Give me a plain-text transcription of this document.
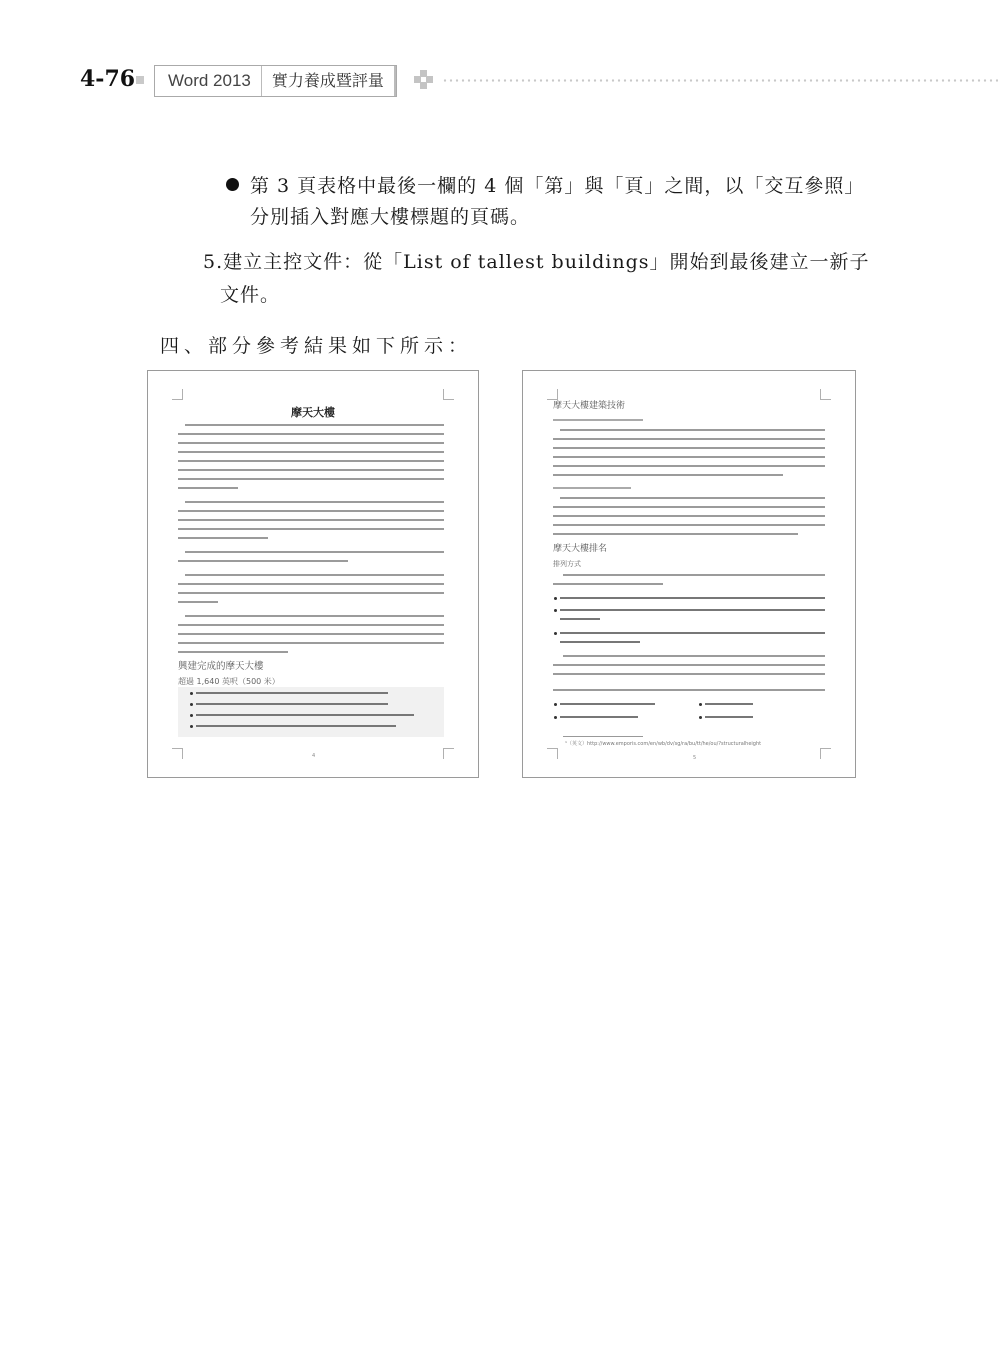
4-76	Word 2013	實力養成暨評量
第 3 頁表格中最後一欄的 4 個「第」與「頁」之間，以「交互參照」
分別插入對應大樓標題的頁碼。
5.建立主控文件：從「List of tallest buildings」開始到最後建立一新子
文件。
四、部分參考結果如下所示：
摩天大樓
興建完成的摩天大樓
超過 1,640 英呎（500 米）
4
摩天大樓建築技術
摩天大樓排名
排列方式
¹（英文）http://www.emporis.com/en/wb/dv/sg/ra/bu/tt/he/ou/?structuralheight
5
